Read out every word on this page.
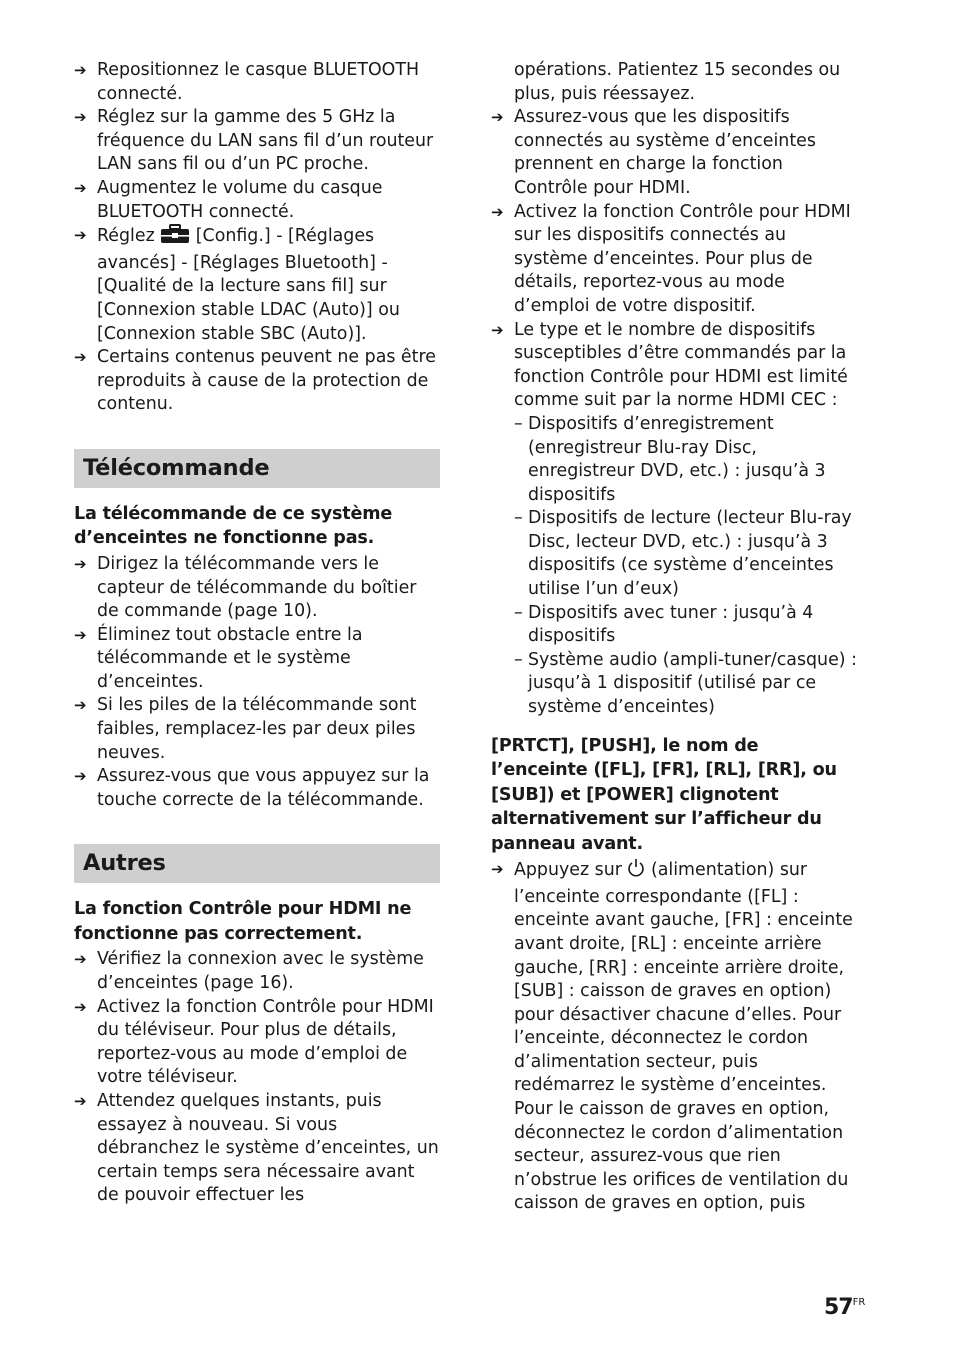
➔ Repositionnez le casque BLUETOOTH connecté.
➔ Réglez sur la gamme des 5 GHz la fréquence du LAN sans fil d’un routeur LAN sans fil ou d’un PC proche.
➔ Augmentez le volume du casque BLUETOOTH connecté.
➔ Réglez [Config.] - [Réglages avancés] - [Réglages Bluetooth] - [Qualité de la lecture sans fil] sur [Connexion stable LDAC (Auto)] ou [Connexion stable SBC (Auto)].
➔ Certains contenus peuvent ne pas être reproduits à cause de la protection de contenu.
Télécommande
La télécommande de ce système d’enceintes ne fonctionne pas.
➔ Dirigez la télécommande vers le capteur de télécommande du boîtier de commande (page 10).
➔ Éliminez tout obstacle entre la télécommande et le système d’enceintes.
➔ Si les piles de la télécommande sont faibles, remplacez-les par deux piles neuves.
➔ Assurez-vous que vous appuyez sur la touche correcte de la télécommande.
Autres
La fonction Contrôle pour HDMI ne fonctionne pas correctement.
➔ Vérifiez la connexion avec le système d’enceintes (page 16).
➔ Activez la fonction Contrôle pour HDMI du téléviseur. Pour plus de détails, reportez-vous au mode d’emploi de votre téléviseur.
➔ Attendez quelques instants, puis essayez à nouveau. Si vous débranchez le système d’enceintes, un certain temps sera nécessaire avant de pouvoir effectuer les
opérations. Patientez 15 secondes ou plus, puis réessayez.
➔ Assurez-vous que les dispositifs connectés au système d’enceintes prennent en charge la fonction Contrôle pour HDMI.
➔ Activez la fonction Contrôle pour HDMI sur les dispositifs connectés au système d’enceintes. Pour plus de détails, reportez-vous au mode d’emploi de votre dispositif.
➔ Le type et le nombre de dispositifs susceptibles d’être commandés par la fonction Contrôle pour HDMI est limité comme suit par la norme HDMI CEC :
– Dispositifs d’enregistrement (enregistreur Blu-ray Disc, enregistreur DVD, etc.) : jusqu’à 3 dispositifs
– Dispositifs de lecture (lecteur Blu-ray Disc, lecteur DVD, etc.) : jusqu’à 3 dispositifs (ce système d’enceintes utilise l’un d’eux)
– Dispositifs avec tuner : jusqu’à 4 dispositifs
– Système audio (ampli-tuner/casque) : jusqu’à 1 dispositif (utilisé par ce système d’enceintes)
[PRTCT], [PUSH], le nom de l’enceinte ([FL], [FR], [RL], [RR], ou [SUB]) et [POWER] clignotent alternativement sur l’afficheur du panneau avant.
➔ Appuyez sur (alimentation) sur l’enceinte correspondante ([FL] : enceinte avant gauche, [FR] : enceinte avant droite, [RL] : enceinte arrière gauche, [RR] : enceinte arrière droite, [SUB] : caisson de graves en option) pour désactiver chacune d’elles. Pour l’enceinte, déconnectez le cordon d’alimentation secteur, puis redémarrez le système d’enceintes. Pour le caisson de graves en option, déconnectez le cordon d’alimentation secteur, assurez-vous que rien n’obstrue les orifices de ventilation du caisson de graves en option, puis
$57^{FR}$
